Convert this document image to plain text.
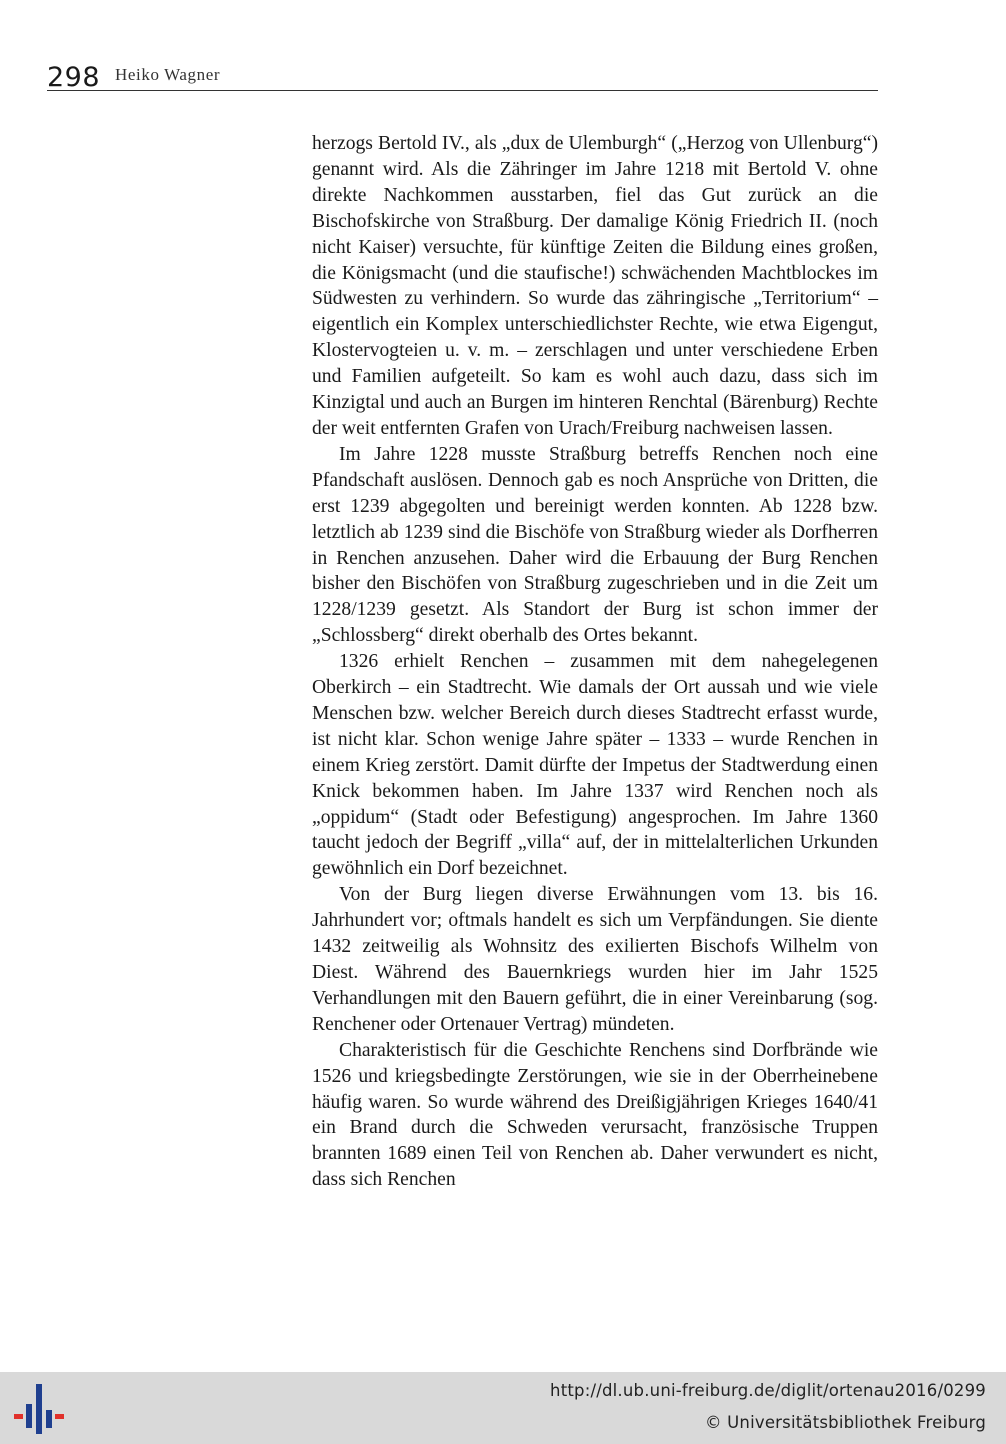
298 Heiko Wagner

herzogs Bertold IV., als „dux de Ulemburgh“ („Herzog von Ullenburg“) genannt wird. Als die Zähringer im Jahre 1218 mit Bertold V. ohne direkte Nachkommen ausstarben, fiel das Gut zurück an die Bischofskirche von Straßburg. Der damalige König Friedrich II. (noch nicht Kaiser) versuchte, für künftige Zeiten die Bildung eines großen, die Königsmacht (und die staufische!) schwächenden Machtblockes im Südwesten zu verhindern. So wurde das zähringische „Territorium“ – eigentlich ein Komplex unterschiedlichster Rechte, wie etwa Eigengut, Klostervogteien u. v. m. – zerschlagen und unter verschiedene Erben und Familien aufgeteilt. So kam es wohl auch dazu, dass sich im Kinzigtal und auch an Burgen im hinteren Renchtal (Bärenburg) Rechte der weit entfernten Grafen von Urach/Freiburg nachweisen lassen.

Im Jahre 1228 musste Straßburg betreffs Renchen noch eine Pfandschaft auslösen. Dennoch gab es noch Ansprüche von Dritten, die erst 1239 abgegolten und bereinigt werden konnten. Ab 1228 bzw. letztlich ab 1239 sind die Bischöfe von Straßburg wieder als Dorfherren in Renchen anzusehen. Daher wird die Erbauung der Burg Renchen bisher den Bischöfen von Straßburg zugeschrieben und in die Zeit um 1228/1239 gesetzt. Als Standort der Burg ist schon immer der „Schlossberg“ direkt oberhalb des Ortes bekannt.

1326 erhielt Renchen – zusammen mit dem nahegelegenen Oberkirch – ein Stadtrecht. Wie damals der Ort aussah und wie viele Menschen bzw. welcher Bereich durch dieses Stadtrecht erfasst wurde, ist nicht klar. Schon wenige Jahre später – 1333 – wurde Renchen in einem Krieg zerstört. Damit dürfte der Impetus der Stadtwerdung einen Knick bekommen haben. Im Jahre 1337 wird Renchen noch als „oppidum“ (Stadt oder Befestigung) angesprochen. Im Jahre 1360 taucht jedoch der Begriff „villa“ auf, der in mittelalterlichen Urkunden gewöhnlich ein Dorf bezeichnet.

Von der Burg liegen diverse Erwähnungen vom 13. bis 16. Jahrhundert vor; oftmals handelt es sich um Verpfändungen. Sie diente 1432 zeitweilig als Wohnsitz des exilierten Bischofs Wilhelm von Diest. Während des Bauernkriegs wurden hier im Jahr 1525 Verhandlungen mit den Bauern geführt, die in einer Vereinbarung (sog. Renchener oder Ortenauer Vertrag) mündeten.

Charakteristisch für die Geschichte Renchens sind Dorfbrände wie 1526 und kriegsbedingte Zerstörungen, wie sie in der Oberrheinebene häufig waren. So wurde während des Dreißigjährigen Krieges 1640/41 ein Brand durch die Schweden verursacht, französische Truppen brannten 1689 einen Teil von Renchen ab. Daher verwundert es nicht, dass sich Renchen

http://dl.ub.uni-freiburg.de/diglit/ortenau2016/0299
© Universitätsbibliothek Freiburg
